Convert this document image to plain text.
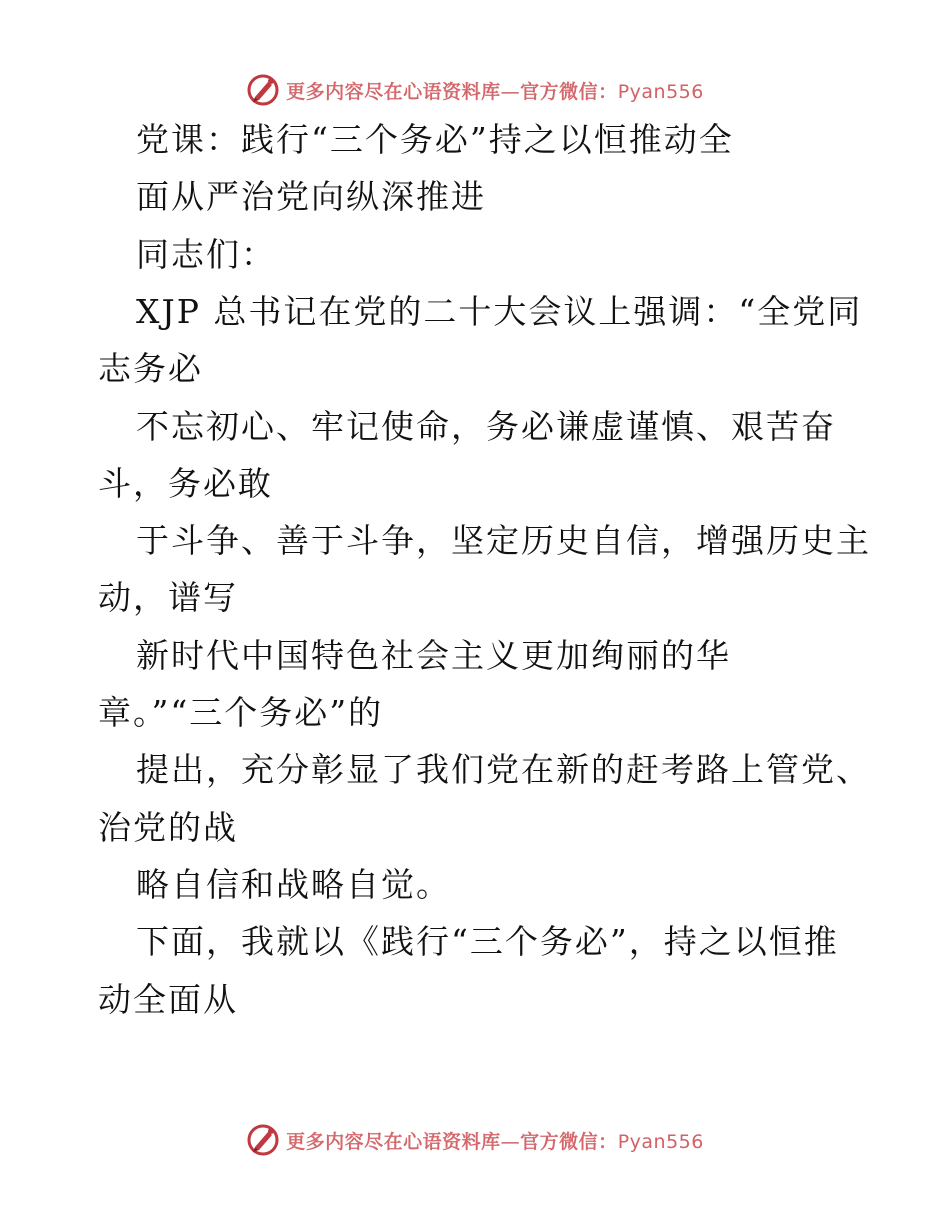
更多内容尽在心语资料库—官方微信：Pyan556
党课：践行“三个务必”持之以恒推动全
面从严治党向纵深推进
同志们：
XJP 总书记在党的二十大会议上强调：“全党同
志务必
不忘初心、牢记使命，务必谦虚谨慎、艰苦奋
斗，务必敢
于斗争、善于斗争，坚定历史自信，增强历史主
动，谱写
新时代中国特色社会主义更加绚丽的华
章。”“三个务必”的
提出，充分彰显了我们党在新的赶考路上管党、
治党的战
略自信和战略自觉。
下面，我就以《践行“三个务必”，持之以恒推
动全面从
更多内容尽在心语资料库—官方微信：Pyan556
